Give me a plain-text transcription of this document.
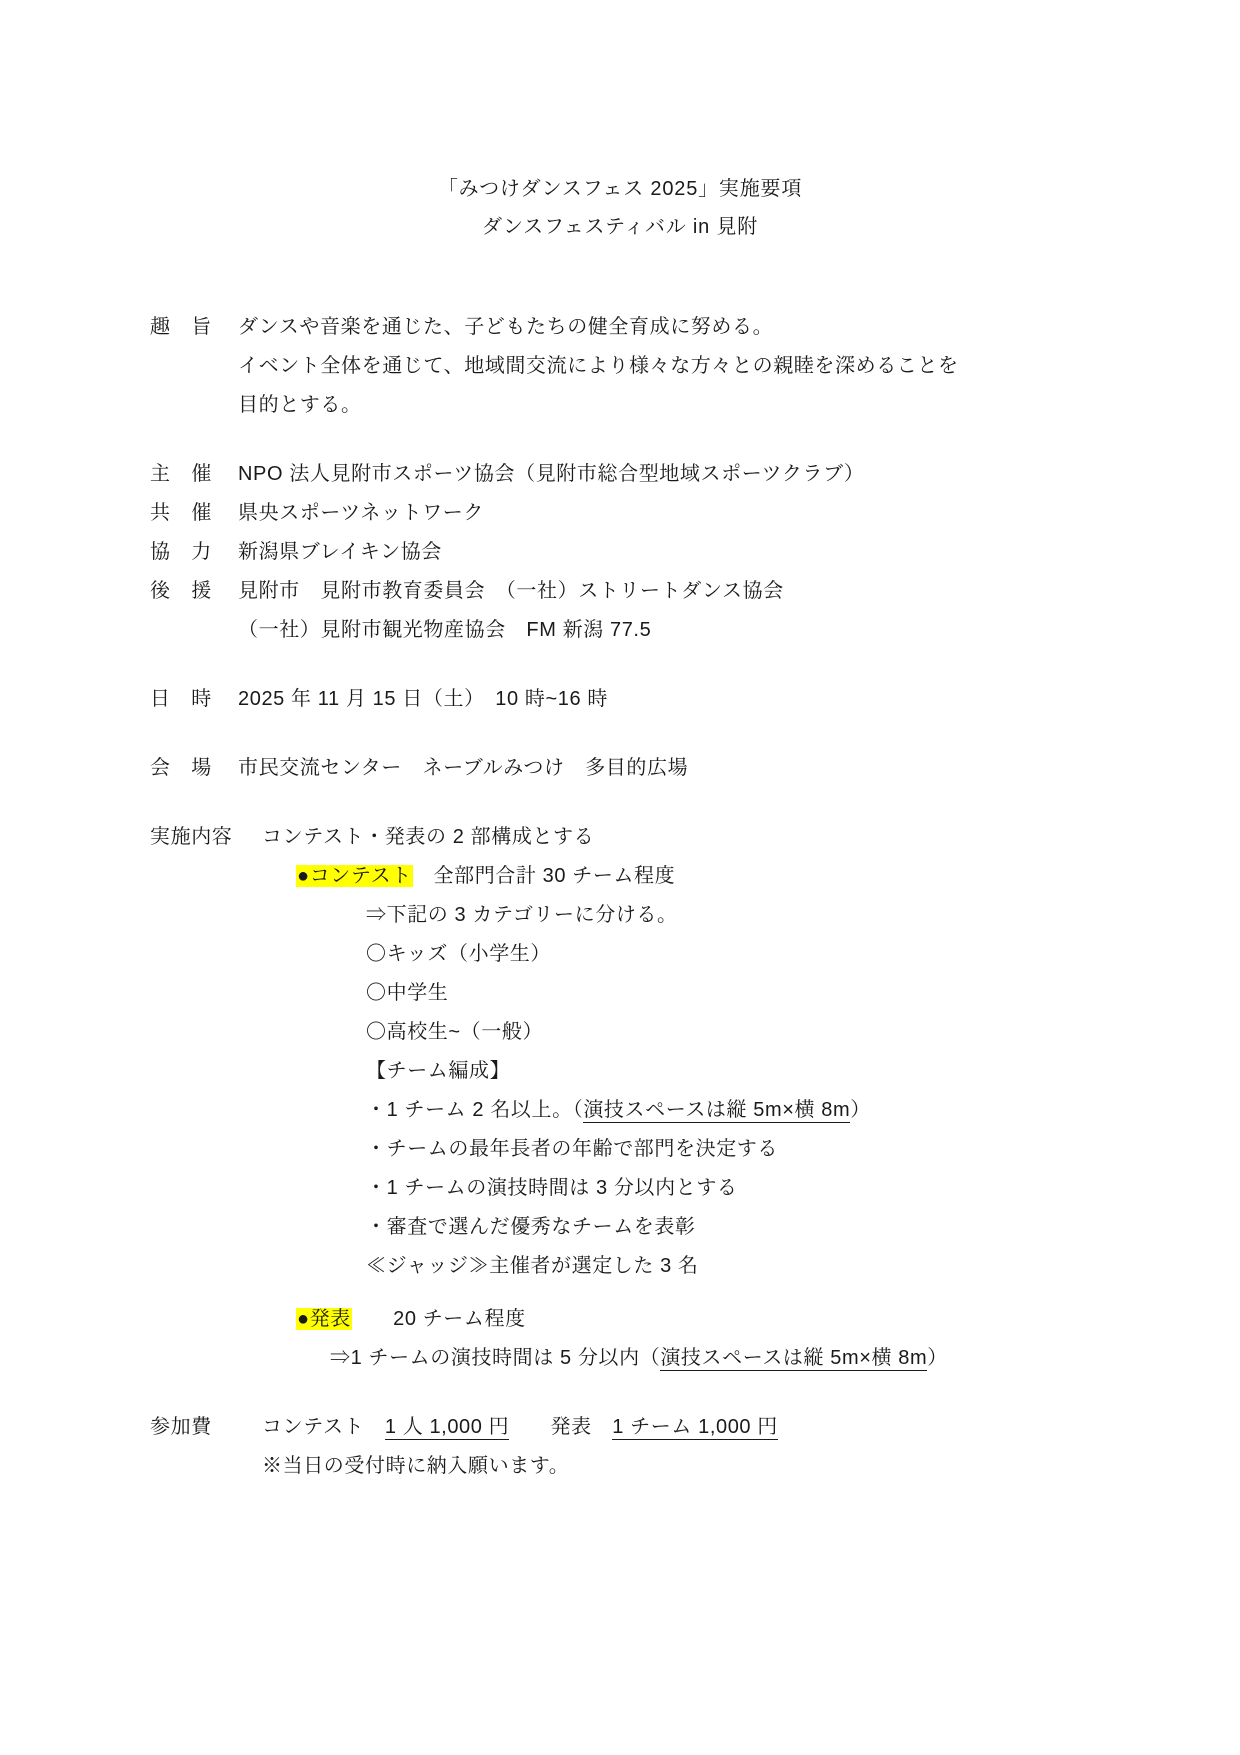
「みつけダンスフェス 2025」実施要項
ダンスフェスティバル in 見附
趣　旨	ダンスや音楽を通じた、子どもたちの健全育成に努める。
イベント全体を通じて、地域間交流により様々な方々との親睦を深めることを
目的とする。
主　催	NPO 法人見附市スポーツ協会（見附市総合型地域スポーツクラブ）
共　催	県央スポーツネットワーク
協　力	新潟県ブレイキン協会
後　援	見附市　見附市教育委員会　（一社）ストリートダンス協会
（一社）見附市観光物産協会　FM 新潟 77.5
日　時	2025 年 11 月 15 日（土）　10 時~16 時
会　場	市民交流センター　ネーブルみつけ　多目的広場
実施内容	コンテスト・発表の 2 部構成とする
●コンテスト　 全部門合計 30 チーム程度
⇒下記の 3 カテゴリーに分ける。
〇キッズ（小学生）
〇中学生
〇高校生~（一般）
【チーム編成】
・1 チーム 2 名以上。（演技スペースは縦 5m×横 8m）
・チームの最年長者の年齢で部門を決定する
・1 チームの演技時間は 3 分以内とする
・審査で選んだ優秀なチームを表彰
≪ジャッジ≫主催者が選定した 3 名
●発表　　 20 チーム程度
⇒1 チームの演技時間は 5 分以内（演技スペースは縦 5m×横 8m）
参加費	コンテスト　1 人 1,000 円　　発表　1 チーム 1,000 円
※当日の受付時に納入願います。
